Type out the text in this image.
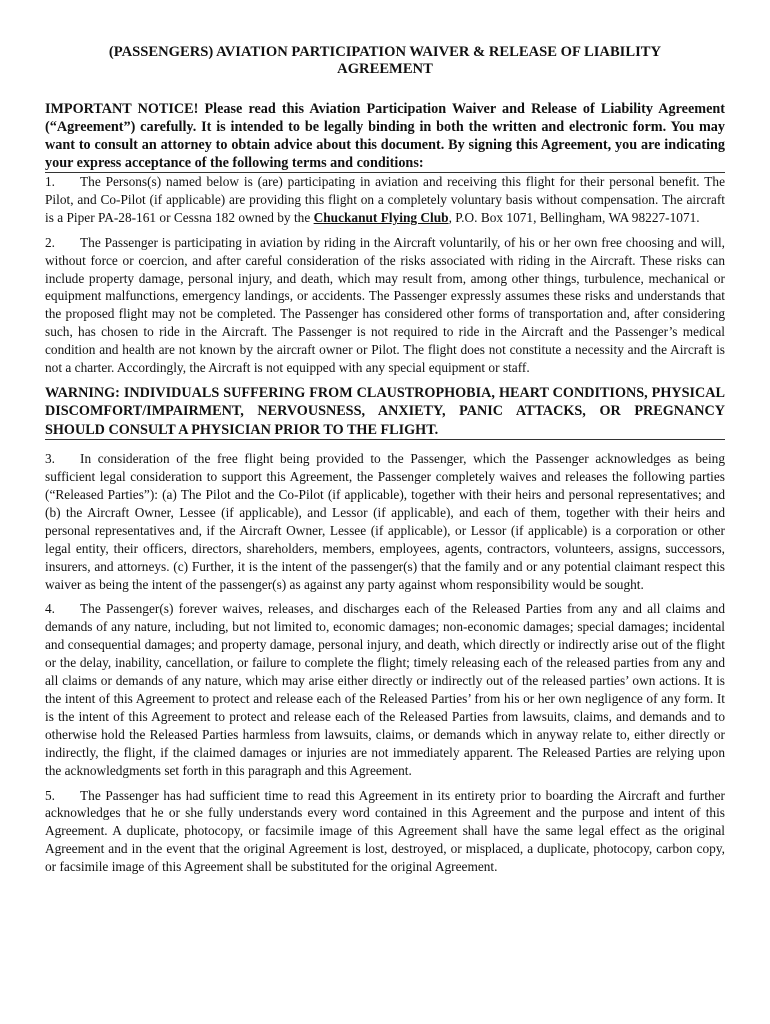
(PASSENGERS) AVIATION PARTICIPATION WAIVER & RELEASE OF LIABILITY AGREEMENT
IMPORTANT NOTICE! Please read this Aviation Participation Waiver and Release of Liability Agreement (“Agreement”) carefully. It is intended to be legally binding in both the written and electronic form. You may want to consult an attorney to obtain advice about this document. By signing this Agreement, you are indicating your express acceptance of the following terms and conditions:

1. The Persons(s) named below is (are) participating in aviation and receiving this flight for their personal benefit. The Pilot, and Co-Pilot (if applicable) are providing this flight on a completely voluntary basis without compensation. The aircraft is a Piper PA-28-161 or Cessna 182 owned by the Chuckanut Flying Club, P.O. Box 1071, Bellingham, WA 98227-1071.

2. The Passenger is participating in aviation by riding in the Aircraft voluntarily, of his or her own free choosing and will, without force or coercion, and after careful consideration of the risks associated with riding in the Aircraft. These risks can include property damage, personal injury, and death, which may result from, among other things, turbulence, mechanical or equipment malfunctions, emergency landings, or accidents. The Passenger expressly assumes these risks and understands that the proposed flight may not be completed. The Passenger has considered other forms of transportation and, after considering such, has chosen to ride in the Aircraft. The Passenger is not required to ride in the Aircraft and the Passenger’s medical condition and health are not known by the aircraft owner or Pilot. The flight does not constitute a necessity and the Aircraft is not a charter. Accordingly, the Aircraft is not equipped with any special equipment or staff.

WARNING: INDIVIDUALS SUFFERING FROM CLAUSTROPHOBIA, HEART CONDITIONS, PHYSICAL DISCOMFORT/IMPAIRMENT, NERVOUSNESS, ANXIETY, PANIC ATTACKS, OR PREGNANCY SHOULD CONSULT A PHYSICIAN PRIOR TO THE FLIGHT.

3. In consideration of the free flight being provided to the Passenger, which the Passenger acknowledges as being sufficient legal consideration to support this Agreement, the Passenger completely waives and releases the following parties (“Released Parties”): (a) The Pilot and the Co-Pilot (if applicable), together with their heirs and personal representatives; and (b) the Aircraft Owner, Lessee (if applicable), and Lessor (if applicable), and each of them, together with their heirs and personal representatives and, if the Aircraft Owner, Lessee (if applicable), or Lessor (if applicable) is a corporation or other legal entity, their officers, directors, shareholders, members, employees, agents, contractors, volunteers, assigns, successors, insurers, and attorneys. (c) Further, it is the intent of the passenger(s) that the family and or any potential claimant respect this waiver as being the intent of the passenger(s) as against any party against whom responsibility would be sought.

4. The Passenger(s) forever waives, releases, and discharges each of the Released Parties from any and all claims and demands of any nature, including, but not limited to, economic damages; non-economic damages; special damages; incidental and consequential damages; and property damage, personal injury, and death, which directly or indirectly arise out of the flight or the delay, inability, cancellation, or failure to complete the flight; timely releasing each of the released parties from any and all claims or demands of any nature, which may arise either directly or indirectly out of the released parties’ own actions. It is the intent of this Agreement to protect and release each of the Released Parties’ from his or her own negligence of any form. It is the intent of this Agreement to protect and release each of the Released Parties from lawsuits, claims, and demands and to otherwise hold the Released Parties harmless from lawsuits, claims, or demands which in anyway relate to, either directly or indirectly, the flight, if the claimed damages or injuries are not immediately apparent. The Released Parties are relying upon the acknowledgments set forth in this paragraph and this Agreement.

5. The Passenger has had sufficient time to read this Agreement in its entirety prior to boarding the Aircraft and further acknowledges that he or she fully understands every word contained in this Agreement and the purpose and intent of this Agreement. A duplicate, photocopy, or facsimile image of this Agreement shall have the same legal effect as the original Agreement and in the event that the original Agreement is lost, destroyed, or misplaced, a duplicate, photocopy, carbon copy, or facsimile image of this Agreement shall be substituted for the original Agreement.
